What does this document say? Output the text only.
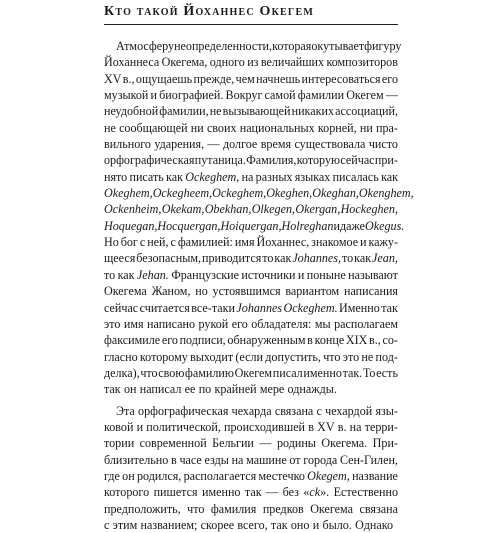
Кто такой Йоханнес Окегем
Атмосферу неопределенности, которая окутывает фигуру
Йоханнеса Окегема, одного из величайших композиторов
XV в., ощущаешь прежде, чем начнешь интересоваться его
музыкой и биографией. Вокруг самой фамилии Окегем —
неудобной фамилии, не вызывающей никаких ассоциаций,
не сообщающей ни своих национальных корней, ни пра-
вильного ударения, — долгое время существовала чисто
орфографическая путаница. Фамилия, которую сейчас при-
нято писать как Ockeghem, на разных языках писалась как
Okeghem, Ockegheem, Ockeghem, Okeghen, Okeghan, Okenghem,
Ockenheim, Okekam, Obekhan, Olkegen, Okergan, Hockeghen,
Hoquegan, Hocquergan, Hoiquergan, Holreghan и даже Okegus.
Но бог с ней, с фамилией: имя Йоханнес, знакомое и кажу-
щееся безопасным, приводится то как Johannes, то как Jean,
то как Jehan. Французские источники и поныне называют
Окегема Жаном, но устоявшимся вариантом написания
сейчас считается все-таки Johannes Ockeghem. Именно так
это имя написано рукой его обладателя: мы располагаем
факсимиле его подписи, обнаруженным в конце XIX в., со-
гласно которому выходит (если допустить, что это не под-
делка), что свою фамилию Окегем писал именно так. То есть
так он написал ее по крайней мере однажды.
Эта орфографическая чехарда связана с чехардой язы-
ковой и политической, происходившей в XV в. на терри-
тории современной Бельгии — родины Окегема. При-
близительно в часе езды на машине от города Сен-Гилен,
где он родился, располагается местечко Okegem, название
которого пишется именно так — без «ck». Естественно
предположить, что фамилия предков Окегема связана
с этим названием; скорее всего, так оно и было. Однако
